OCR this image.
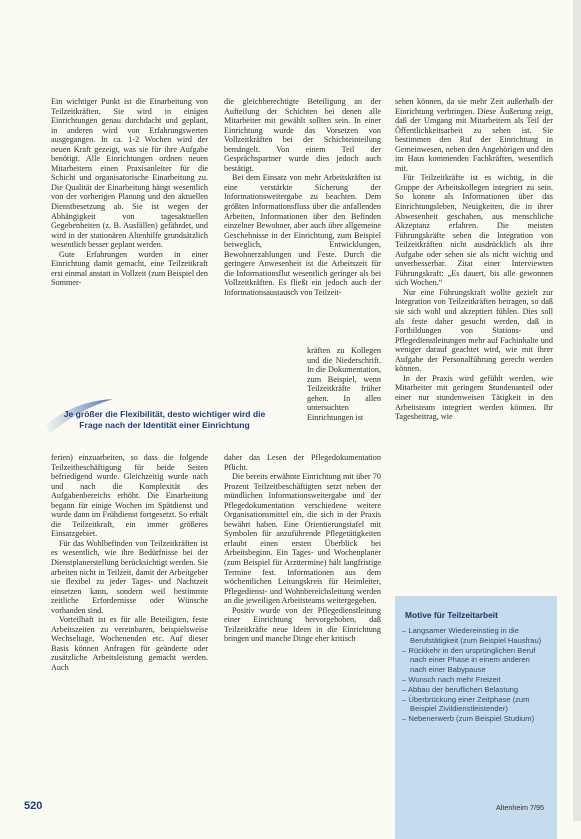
Ein wichtiger Punkt ist die Einarbeitung von Teilzeitkräften. Sie wird in einigen Einrichtungen genau durchdacht und geplant, in anderen wird von Erfahrungswerten ausgegangen. In ca. 1-2 Wochen wird der neuen Kraft gezeigt, was sie für ihre Aufgabe benötigt. Alle Einrichtungen ordnen neuen Mitarbeitern einen Praxisanleiter für die Schicht und organisatorische Einarbeitung zu. Die Qualität der Einarbeitung hängt wesentlich von der vorherigen Planung und den aktuellen Dienstbesetzung ab. Sie ist wegen der Abhängigkeit von tagesaktuellen Gegebenheiten (z. B. Ausfällen) gefährdet, und wird in der stationären Altenhilfe grundsätzlich wesentlich besser geplant werden.

Gute Erfahrungen wurden in einer Einrichtung damit gemacht, eine Teilzeitkraft erst einmal anstatt in Vollzeit (zum Beispiel den Sommer-

Je größer die Flexibilität, desto wichtiger wird die
Frage nach der Identität einer Einrichtung

ferien) einzuarbeiten, so dass die folgende Teilzeitbeschäftigung für beide Seiten befriedigend wurde. Gleichzeitig wurde nach und nach die Komplexität des Aufgabenbereichs erhöht. Die Einarbeitung begann für einige Wochen im Spätdienst und wurde dann im Frühdienst fortgesetzt. So erhält die Teilzeitkraft, ein immer größeres Einsatzgebiet.

Für das Wohlbefinden von Teilzeitkräften ist es wesentlich, wie ihre Bedürfnisse bei der Dienstplanerstellung berücksichtigt werden. Sie arbeiten nicht in Teilzeit, damit der Arbeitgeber sie flexibel zu jeder Tages- und Nachtzeit einsetzen kann, sondern weil bestimmte zeitliche Erfordernisse oder Wünsche vorhanden sind.

Vorteilhaft ist es für alle Beteiligten, feste Arbeitszeiten zu vereinbaren, beispielsweise Wechseltage, Wochenenden etc. Auf dieser Basis können Anfragen für geänderte oder zusätzliche Arbeitsleistung gemacht werden. Auch

die gleichberechtigte Beteiligung an der Aufteilung der Schichten bei denen alle Mitarbeiter mit gewählt sollten sein. In einer Einrichtung wurde das Vorsetzen von Vollzeitkräften bei der Schichteinteilung bemängelt. Von einem Teil der Gesprächspartner wurde dies jedoch auch bestätigt.

Bei dem Einsatz von mehr Arbeitskräften ist eine verstärkte Sicherung der Informationsweitergabe zu beachten. Dem größten Informationsfluss über die anfallenden Arbeiten, Informationen über den Befinden einzelner Bewohner, aber auch über allgemeine Geschehnisse in der Einrichtung, zum Beispiel beiweglich, Entwicklungen, Bewohnerzahlungen und Feste. Durch die geringere Anwesenheit ist die Arbeitszeit für die Informationsflut wesentlich geringer als bei Vollzeitkräften. Es fließt ein jedoch auch der Informationsaustausch von Teilzeit-

kräften zu Kollegen und die Niederschrift. In die Dokumentation, zum Beispiel, wenn Teilzeitkräfte früher gehen. In allen untersuchten Einrichtungen ist

daher das Lesen der Pflegedokumentation Pflicht.

Die bereits erwähnte Einrichtung mit über 70 Prozent Teilzeitbeschäftigten setzt neben der mündlichen Informationsweitergabe und der Pflegedokumentation verschiedene weitere Organisationsmittel ein, die sich in der Praxis bewährt haben. Eine Orientierungstafel mit Symbolen für anzuführende Pflegetätigkeiten erlaubt einen ersten Überblick bei Arbeitsbeginn. Ein Tages- und Wochenplaner (zum Beispiel für Arzttermine) hält langfristige Termine fest. Informationen aus dem wöchentlichen Leitungskreis für Heimleiter, Pflegedienst- und Wohnbereichsleitung werden an die jeweiligen Arbeitsteams weitergegeben.

Positiv wurde von der Pflegedienstleitung einer Einrichtung hervorgehoben, daß Teilzeitkräfte neue Ideen in die Einrichtung bringen und manche Dinge eher kritisch

sehen können, da sie mehr Zeit außerhalb der Einrichtung verbringen. Diese Äußerung zeigt, daß der Umgang mit Mitarbeitern als Teil der Öffentlichkeitsarbeit zu sehen ist. Sie bestimmen den Ruf der Einrichtung in Gemeinwesen, neben den Angehörigen und den im Haus kommenden Fachkräften, wesentlich mit.

Für Teilzeitkräfte ist es wichtig, in die Gruppe der Arbeitskollegen integriert zu sein. So konnte als Informationen über das Einrichtungsleben, Neuigkeiten, die in ihrer Abwesenheit geschahen, aus menschliche Akzeptanz erfahren. Die meisten Führungskräfte sehen die Integration von Teilzeitkräften nicht ausdrücklich als ihre Aufgabe oder sehen sie als nicht wichtig und unverbesserbar. Zitat einer Interviewten Führungskraft: „Es dauert, bis alle gewonnen sich Wochen.“

Nur eine Führungskraft wollte gezielt zur Integration von Teilzeitkräften betragen, so daß sie sich wohl und akzeptiert fühlen. Dies soll als feste daher gesucht werden, daß in Fortbildungen von Stations- und Pflegedienstleitungen mehr auf Fachinhalte und weniger darauf geachtet wird, wie mit ihrer Aufgabe der Personalführung gerecht werden können.

In der Praxis wird gefühlt werden, wie Mitarbeiter mit geringem Stundenanteil oder einer nur stundenweisen Tätigkeit in den Arbeitsteam integriert werden können. Ihr Tagesbeitrag, wie

Motive für Teilzeitarbeit
– Langsamer Wiedereinstieg in die Berufstätigkeit (zum Beispiel Hausfrau)
– Rückkehr in den ursprünglichen Beruf nach einer Phase in einem anderen nach einer Babypause
– Wunsch nach mehr Freizeit
– Abbau der beruflichen Belastung
– Überbrückung einer Zeitphase (zum Beispiel Zivildienstleistender)
– Nebenerwerb (zum Beispiel Studium)
520	Altenheim 7/95
